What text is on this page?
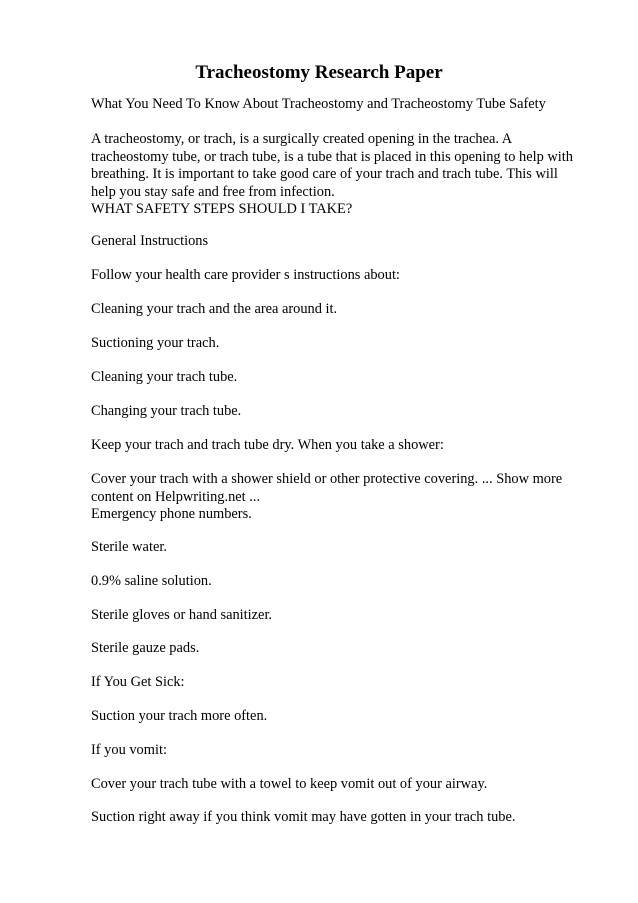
Tracheostomy Research Paper

What You Need To Know About Tracheostomy and Tracheostomy Tube Safety

A tracheostomy, or trach, is a surgically created opening in the trachea. A tracheostomy tube, or trach tube, is a tube that is placed in this opening to help with breathing. It is important to take good care of your trach and trach tube. This will help you stay safe and free from infection.

WHAT SAFETY STEPS SHOULD I TAKE?

General Instructions

Follow your health care provider s instructions about:

Cleaning your trach and the area around it.

Suctioning your trach.

Cleaning your trach tube.

Changing your trach tube.

Keep your trach and trach tube dry. When you take a shower:

Cover your trach with a shower shield or other protective covering. ... Show more content on Helpwriting.net ...

Emergency phone numbers.

Sterile water.

0.9% saline solution.

Sterile gloves or hand sanitizer.

Sterile gauze pads.

If You Get Sick:

Suction your trach more often.

If you vomit:

Cover your trach tube with a towel to keep vomit out of your airway.

Suction right away if you think vomit may have gotten in your trach tube.
